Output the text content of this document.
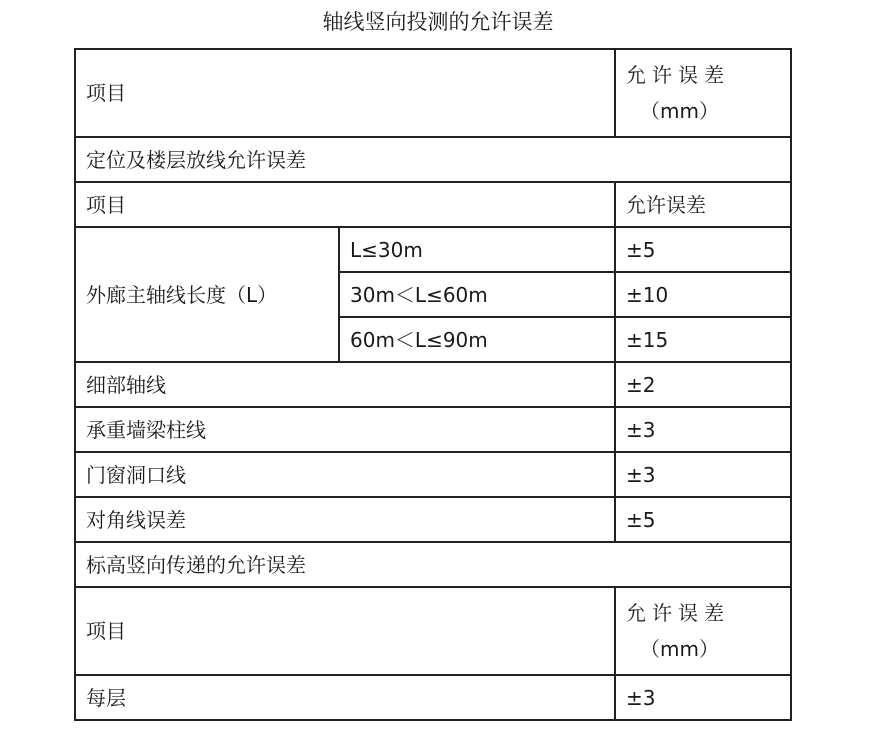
轴线竖向投测的允许误差
项目		允许误差
（mm）

定位及楼层放线允许误差		
项目		允许误差
外廊主轴线长度（L）	L≤30m	±5
	30m＜L≤60m	±10
	60m＜L≤90m	±15
细部轴线		±2
承重墙梁柱线		±3
门窗洞口线		±3
对角线误差		±5
标高竖向传递的允许误差		
项目		允许误差
（mm）

每层		±3
